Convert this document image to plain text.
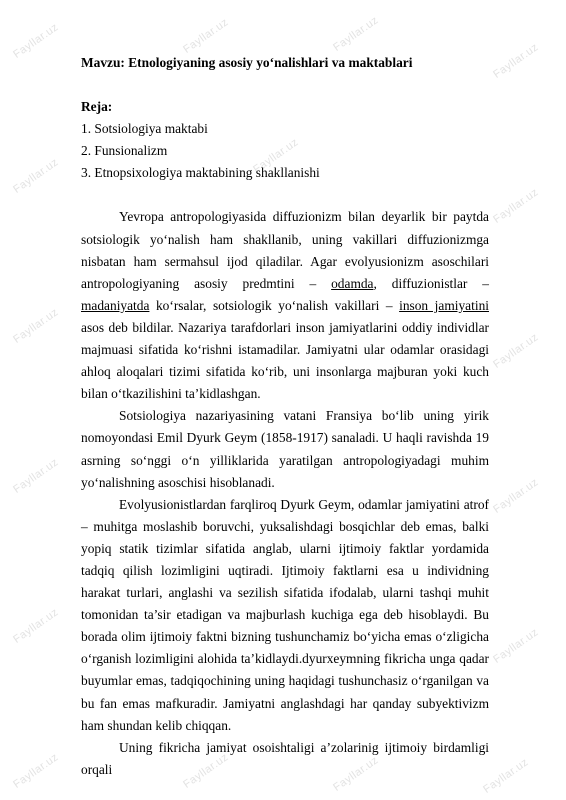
Fayllar.uz	Fayllar.uz	Fayllar.uz
Fayllar.uz
Fayllar.uz
Fayllar.uz
Fayllar.uz
Fayllar.uz
Fayllar.uz
Fayllar.uz
Fayllar.uz
Fayllar.uz
Fayllar.uz
Fayllar.uz	Fayllar.uz	Fayllar.uz	Fayllar.uz

Mavzu: Etnologiyaning asosiy yo‘nalishlari va maktablari

Reja:
1. Sotsiologiya maktabi
2. Funsionalizm
3. Etnopsixologiya maktabining shakllanishi

Yevropa antropologiyasida diffuzionizm bilan deyarlik bir paytda sotsiologik yo‘nalish ham shakllanib, uning vakillari diffuzionizmga nisbatan ham sermahsul ijod qiladilar. Agar evolyusionizm asoschilari antropologiyaning asosiy predmtini – odamda, diffuzionistlar – madaniyatda ko‘rsalar, sotsiologik yo‘nalish vakillari – inson jamiyatini asos deb bildilar. Nazariya tarafdorlari inson jamiyatlarini oddiy individlar majmuasi sifatida ko‘rishni istamadilar. Jamiyatni ular odamlar orasidagi ahloq aloqalari tizimi sifatida ko‘rib, uni insonlarga majburan yoki kuch bilan o‘tkazilishini ta’kidlashgan.

Sotsiologiya nazariyasining vatani Fransiya bo‘lib uning yirik nomoyondasi Emil Dyurk Geym (1858-1917) sanaladi. U haqli ravishda 19 asrning so‘nggi o‘n yilliklarida yaratilgan antropologiyadagi muhim yo‘nalishning asoschisi hisoblanadi.

Evolyusionistlardan farqliroq Dyurk Geym, odamlar jamiyatini atrof – muhitga moslashib boruvchi, yuksalishdagi bosqichlar deb emas, balki yopiq statik tizimlar sifatida anglab, ularni ijtimoiy faktlar yordamida tadqiq qilish lozimligini uqtiradi. Ijtimoiy faktlarni esa u individning harakat turlari, anglashi va sezilish sifatida ifodalab, ularni tashqi muhit tomonidan ta’sir etadigan va majburlash kuchiga ega deb hisoblaydi. Bu borada olim ijtimoiy faktni bizning tushunchamiz bo‘yicha emas o‘zligicha o‘rganish lozimligini alohida ta’kidlaydi.dyurxeymning fikricha unga qadar buyumlar emas, tadqiqochining uning haqidagi tushunchasiz o‘rganilgan va bu fan emas mafkuradir. Jamiyatni anglashdagi har qanday subyektivizm ham shundan kelib chiqqan.

Uning fikricha jamiyat osoishtaligi a’zolarinig ijtimoiy birdamligi orqali
